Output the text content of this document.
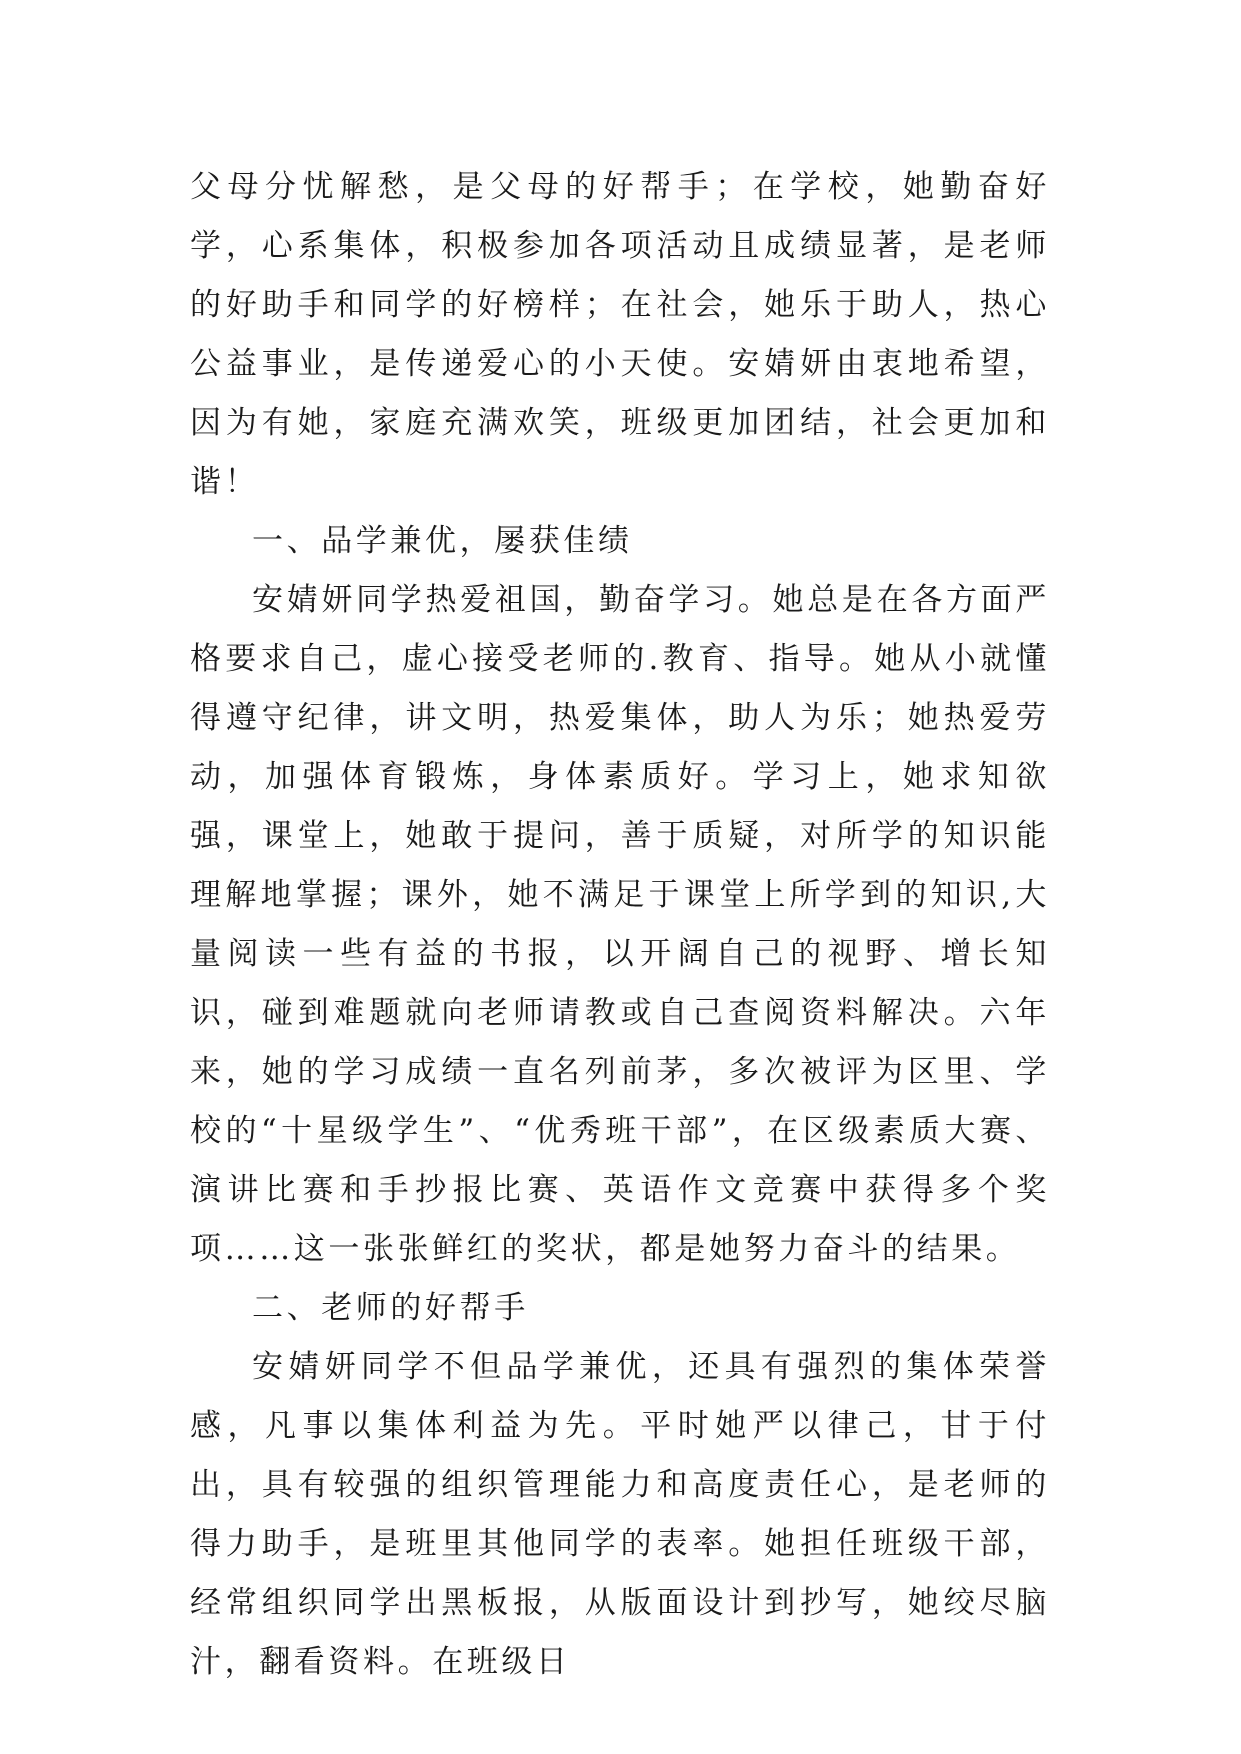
父母分忧解愁，是父母的好帮手；在学校，她勤奋好学，心系集体，积极参加各项活动且成绩显著，是老师的好助手和同学的好榜样；在社会，她乐于助人，热心公益事业，是传递爱心的小天使。安婧妍由衷地希望，因为有她，家庭充满欢笑，班级更加团结，社会更加和谐！

一、品学兼优，屡获佳绩

安婧妍同学热爱祖国，勤奋学习。她总是在各方面严格要求自己，虚心接受老师的.教育、指导。她从小就懂得遵守纪律，讲文明，热爱集体，助人为乐；她热爱劳动，加强体育锻炼，身体素质好。学习上，她求知欲强，课堂上，她敢于提问，善于质疑，对所学的知识能理解地掌握；课外，她不满足于课堂上所学到的知识,大量阅读一些有益的书报，以开阔自己的视野、增长知识，碰到难题就向老师请教或自己查阅资料解决。六年来，她的学习成绩一直名列前茅，多次被评为区里、学校的“十星级学生”、“优秀班干部”，在区级素质大赛、演讲比赛和手抄报比赛、英语作文竞赛中获得多个奖项……这一张张鲜红的奖状，都是她努力奋斗的结果。

二、老师的好帮手

安婧妍同学不但品学兼优，还具有强烈的集体荣誉感，凡事以集体利益为先。平时她严以律己，甘于付出，具有较强的组织管理能力和高度责任心，是老师的得力助手，是班里其他同学的表率。她担任班级干部，经常组织同学出黑板报，从版面设计到抄写，她绞尽脑汁，翻看资料。在班级日
